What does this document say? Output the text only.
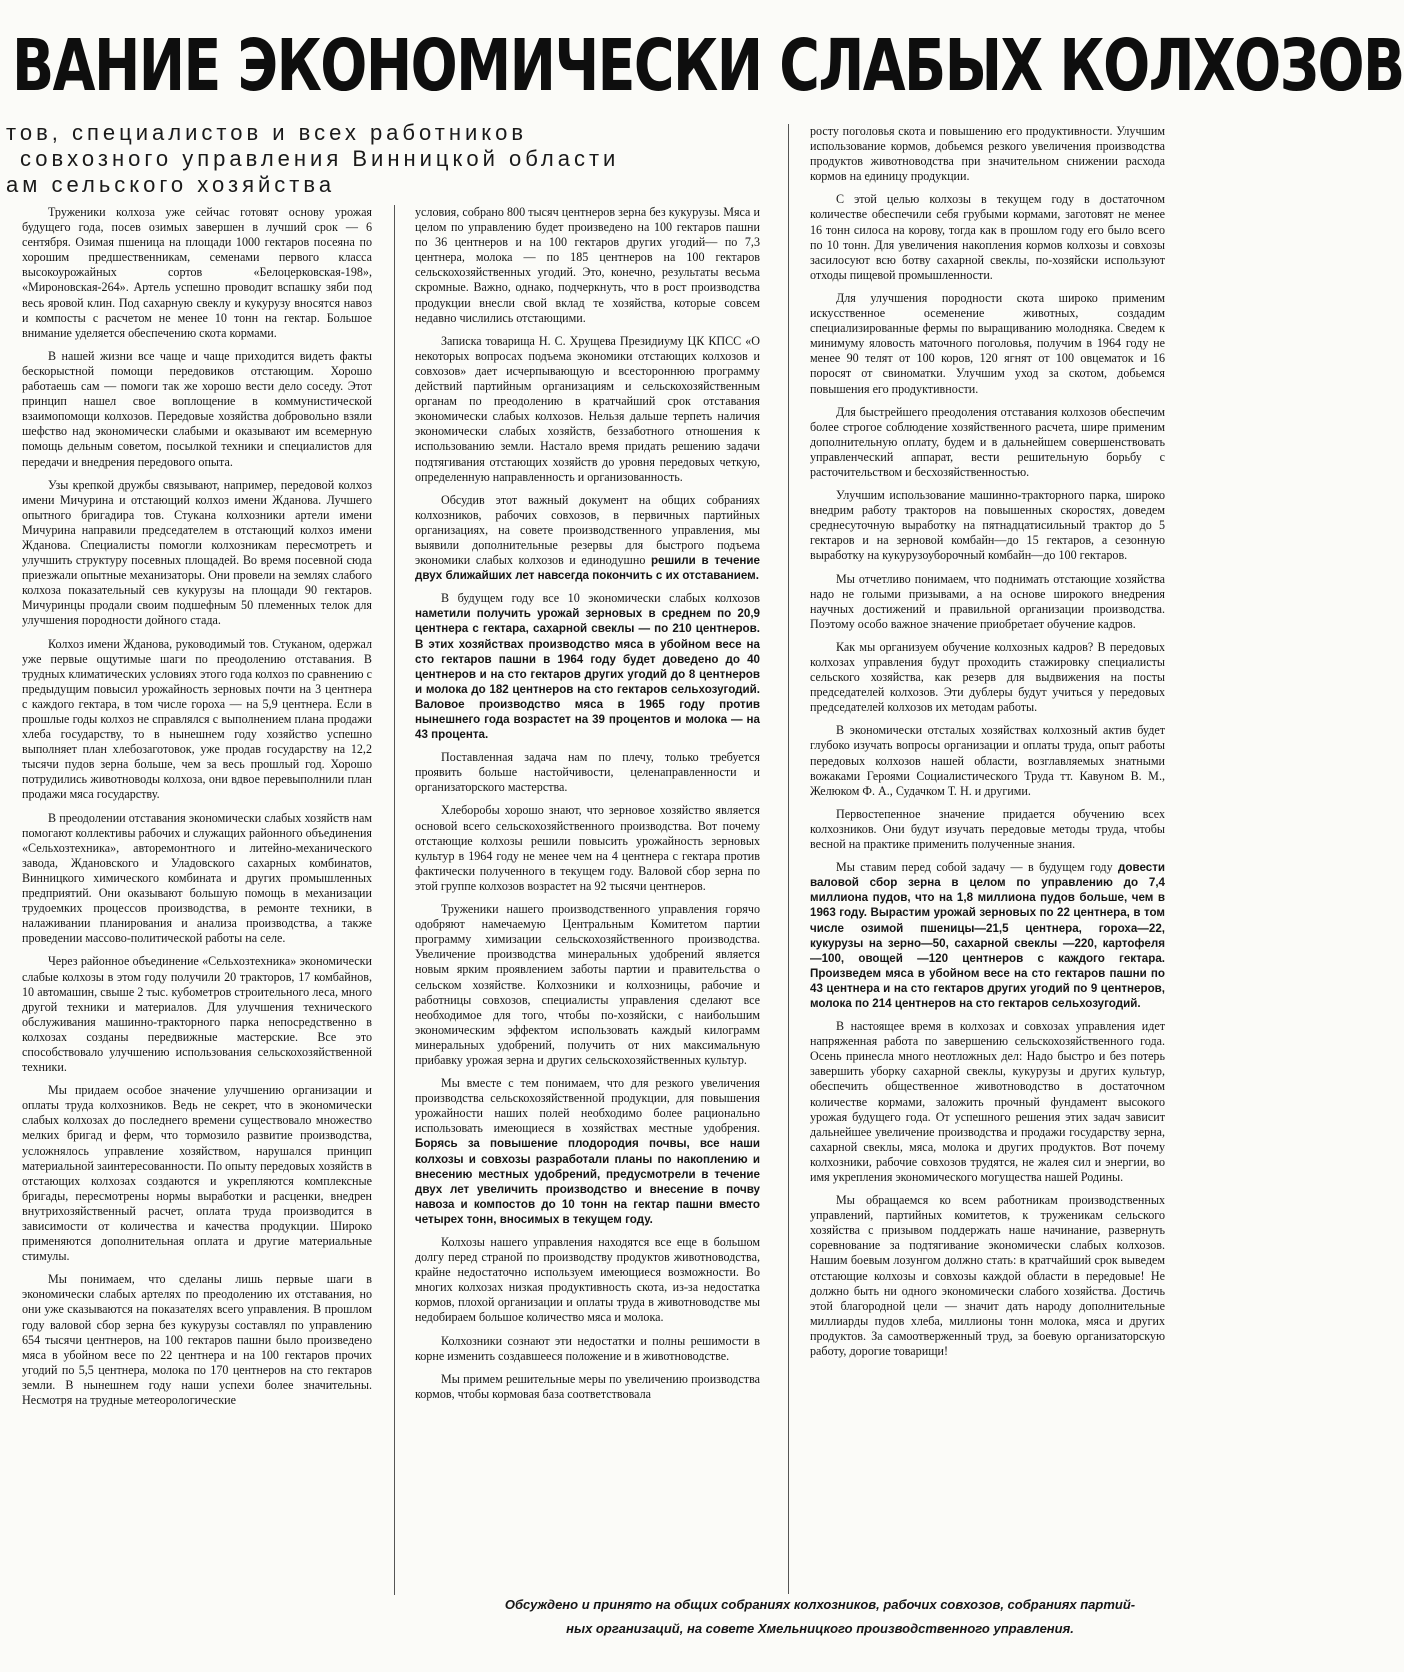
ВАНИЕ ЭКОНОМИЧЕСКИ СЛАБЫХ КОЛХОЗОВ
тов, специалистов и всех работников
совхозного управления Винницкой области
ам сельского хозяйства

Труженики колхоза уже сейчас готовят основу урожая будущего года, посев озимых завершен в лучший срок — 6 сентября. Озимая пшеница на площади 1000 гектаров посеяна по хорошим предшественникам, семенами первого класса высокоурожайных сортов «Белоцерковская-198», «Мироновская-264». Артель успешно проводит вспашку зяби под весь яровой клин. Под сахарную свеклу и кукурузу вносятся навоз и компосты с расчетом не менее 10 тонн на гектар. Большое внимание уделяется обеспечению скота кормами.

В нашей жизни все чаще и чаще приходится видеть факты бескорыстной помощи передовиков отстающим. Хорошо работаешь сам — помоги так же хорошо вести дело соседу. Этот принцип нашел свое воплощение в коммунистической взаимопомощи колхозов. Передовые хозяйства добровольно взяли шефство над экономически слабыми и оказывают им всемерную помощь дельным советом, посылкой техники и специалистов для передачи и внедрения передового опыта.

Узы крепкой дружбы связывают, например, передовой колхоз имени Мичурина и отстающий колхоз имени Жданова. Лучшего опытного бригадира тов. Стукана колхозники артели имени Мичурина направили председателем в отстающий колхоз имени Жданова. Специалисты помогли колхозникам пересмотреть и улучшить структуру посевных площадей. Во время посевной сюда приезжали опытные механизаторы. Они провели на землях слабого колхоза показательный сев кукурузы на площади 90 гектаров. Мичуринцы продали своим подшефным 50 племенных телок для улучшения породности дойного стада.

Колхоз имени Жданова, руководимый тов. Стуканом, одержал уже первые ощутимые шаги по преодолению отставания. В трудных климатических условиях этого года колхоз по сравнению с предыдущим повысил урожайность зерновых почти на 3 центнера с каждого гектара, в том числе гороха — на 5,9 центнера. Если в прошлые годы колхоз не справлялся с выполнением плана продажи хлеба государству, то в нынешнем году хозяйство успешно выполняет план хлебозаготовок, уже продав государству на 12,2 тысячи пудов зерна больше, чем за весь прошлый год. Хорошо потрудились животноводы колхоза, они вдвое перевыполнили план продажи мяса государству.

В преодолении отставания экономически слабых хозяйств нам помогают коллективы рабочих и служащих районного объединения «Сельхозтехника», авторемонтного и литейно-механического завода, Ждановского и Уладовского сахарных комбинатов, Винницкого химического комбината и других промышленных предприятий. Они оказывают большую помощь в механизации трудоемких процессов производства, в ремонте техники, в налаживании планирования и анализа производства, а также проведении массово-политической работы на селе.

Через районное объединение «Сельхозтехника» экономически слабые колхозы в этом году получили 20 тракторов, 17 комбайнов, 10 автомашин, свыше 2 тыс. кубометров строительного леса, много другой техники и материалов. Для улучшения технического обслуживания машинно-тракторного парка непосредственно в колхозах созданы передвижные мастерские. Все это способствовало улучшению использования сельскохозяйственной техники.

Мы придаем особое значение улучшению организации и оплаты труда колхозников. Ведь не секрет, что в экономически слабых колхозах до последнего времени существовало множество мелких бригад и ферм, что тормозило развитие производства, усложнялось управление хозяйством, нарушался принцип материальной заинтересованности. По опыту передовых хозяйств в отстающих колхозах создаются и укрепляются комплексные бригады, пересмотрены нормы выработки и расценки, внедрен внутрихозяйственный расчет, оплата труда производится в зависимости от количества и качества продукции. Широко применяются дополнительная оплата и другие материальные стимулы.

Мы понимаем, что сделаны лишь первые шаги в экономически слабых артелях по преодолению их отставания, но они уже сказываются на показателях всего управления. В прошлом году валовой сбор зерна без кукурузы составлял по управлению 654 тысячи центнеров, на 100 гектаров пашни было произведено мяса в убойном весе по 22 центнера и на 100 гектаров прочих угодий по 5,5 центнера, молока по 170 центнеров на сто гектаров земли. В нынешнем году наши успехи более значительны. Несмотря на трудные метеорологические

условия, собрано 800 тысяч центнеров зерна без кукурузы. Мяса и целом по управлению будет произведено на 100 гектаров пашни по 36 центнеров и на 100 гектаров других угодий— по 7,3 центнера, молока — по 185 центнеров на 100 гектаров сельскохозяйственных угодий. Это, конечно, результаты весьма скромные. Важно, однако, подчеркнуть, что в рост производства продукции внесли свой вклад те хозяйства, которые совсем недавно числились отстающими.

Записка товарища Н. С. Хрущева Президиуму ЦК КПСС «О некоторых вопросах подъема экономики отстающих колхозов и совхозов» дает исчерпывающую и всестороннюю программу действий партийным организациям и сельскохозяйственным органам по преодолению в кратчайший срок отставания экономически слабых колхозов. Нельзя дальше терпеть наличия экономически слабых хозяйств, беззаботного отношения к использованию земли. Настало время придать решению задачи подтягивания отстающих хозяйств до уровня передовых четкую, определенную направленность и организованность.

Обсудив этот важный документ на общих собраниях колхозников, рабочих совхозов, в первичных партийных организациях, на совете производственного управления, мы выявили дополнительные резервы для быстрого подъема экономики слабых колхозов и единодушно решили в течение двух ближайших лет навсегда покончить с их отставанием.

В будущем году все 10 экономически слабых колхозов наметили получить урожай зерновых в среднем по 20,9 центнера с гектара, сахарной свеклы — по 210 центнеров. В этих хозяйствах производство мяса в убойном весе на сто гектаров пашни в 1964 году будет доведено до 40 центнеров и на сто гектаров других угодий до 8 центнеров и молока до 182 центнеров на сто гектаров сельхозугодий. Валовое производство мяса в 1965 году против нынешнего года возрастет на 39 процентов и молока — на 43 процента.

Поставленная задача нам по плечу, только требуется проявить больше настойчивости, целенаправленности и организаторского мастерства.

Хлеборобы хорошо знают, что зерновое хозяйство является основой всего сельскохозяйственного производства. Вот почему отстающие колхозы решили повысить урожайность зерновых культур в 1964 году не менее чем на 4 центнера с гектара против фактически полученного в текущем году. Валовой сбор зерна по этой группе колхозов возрастет на 92 тысячи центнеров.

Труженики нашего производственного управления горячо одобряют намечаемую Центральным Комитетом партии программу химизации сельскохозяйственного производства. Увеличение производства минеральных удобрений является новым ярким проявлением заботы партии и правительства о сельском хозяйстве. Колхозники и колхозницы, рабочие и работницы совхозов, специалисты управления сделают все необходимое для того, чтобы по-хозяйски, с наибольшим экономическим эффектом использовать каждый килограмм минеральных удобрений, получить от них максимальную прибавку урожая зерна и других сельскохозяйственных культур.

Мы вместе с тем понимаем, что для резкого увеличения производства сельскохозяйственной продукции, для повышения урожайности наших полей необходимо более рационально использовать имеющиеся в хозяйствах местные удобрения. Борясь за повышение плодородия почвы, все наши колхозы и совхозы разработали планы по накоплению и внесению местных удобрений, предусмотрели в течение двух лет увеличить производство и внесение в почву навоза и компостов до 10 тонн на гектар пашни вместо четырех тонн, вносимых в текущем году.

Колхозы нашего управления находятся все еще в большом долгу перед страной по производству продуктов животноводства, крайне недостаточно используем имеющиеся возможности. Во многих колхозах низкая продуктивность скота, из-за недостатка кормов, плохой организации и оплаты труда в животноводстве мы недобираем большое количество мяса и молока.

Колхозники сознают эти недостатки и полны решимости в корне изменить создавшееся положение и в животноводстве.

Мы примем решительные меры по увеличению производства кормов, чтобы кормовая база соответствовала

росту поголовья скота и повышению его продуктивности. Улучшим использование кормов, добьемся резкого увеличения производства продуктов животноводства при значительном снижении расхода кормов на единицу продукции.

С этой целью колхозы в текущем году в достаточном количестве обеспечили себя грубыми кормами, заготовят не менее 16 тонн силоса на корову, тогда как в прошлом году его было всего по 10 тонн. Для увеличения накопления кормов колхозы и совхозы засилосуют всю ботву сахарной свеклы, по-хозяйски используют отходы пищевой промышленности.

Для улучшения породности скота широко применим искусственное осеменение животных, создадим специализированные фермы по выращиванию молодняка. Сведем к минимуму яловость маточного поголовья, получим в 1964 году не менее 90 телят от 100 коров, 120 ягнят от 100 овцематок и 16 поросят от свиноматки. Улучшим уход за скотом, добьемся повышения его продуктивности.

Для быстрейшего преодоления отставания колхозов обеспечим более строгое соблюдение хозяйственного расчета, шире применим дополнительную оплату, будем и в дальнейшем совершенствовать управленческий аппарат, вести решительную борьбу с расточительством и бесхозяйственностью.

Улучшим использование машинно-тракторного парка, широко внедрим работу тракторов на повышенных скоростях, доведем среднесуточную выработку на пятнадцатисильный трактор до 5 гектаров и на зерновой комбайн—до 15 гектаров, а сезонную выработку на кукурузоуборочный комбайн—до 100 гектаров.

Мы отчетливо понимаем, что поднимать отстающие хозяйства надо не голыми призывами, а на основе широкого внедрения научных достижений и правильной организации производства. Поэтому особо важное значение приобретает обучение кадров.

Как мы организуем обучение колхозных кадров? В передовых колхозах управления будут проходить стажировку специалисты сельского хозяйства, как резерв для выдвижения на посты председателей колхозов. Эти дублеры будут учиться у передовых председателей колхозов их методам работы.

В экономически отсталых хозяйствах колхозный актив будет глубоко изучать вопросы организации и оплаты труда, опыт работы передовых колхозов нашей области, возглавляемых знатными вожаками Героями Социалистического Труда тт. Кавуном В. М., Желюком Ф. А., Судачком Т. Н. и другими.

Первостепенное значение придается обучению всех колхозников. Они будут изучать передовые методы труда, чтобы весной на практике применить полученные знания.

Мы ставим перед собой задачу — в будущем году довести валовой сбор зерна в целом по управлению до 7,4 миллиона пудов, что на 1,8 миллиона пудов больше, чем в 1963 году. Вырастим урожай зерновых по 22 центнера, в том числе озимой пшеницы—21,5 центнера, гороха—22, кукурузы на зерно—50, сахарной свеклы —220, картофеля —100, овощей —120 центнеров с каждого гектара. Произведем мяса в убойном весе на сто гектаров пашни по 43 центнера и на сто гектаров других угодий по 9 центнеров, молока по 214 центнеров на сто гектаров сельхозугодий.

В настоящее время в колхозах и совхозах управления идет напряженная работа по завершению сельскохозяйственного года. Осень принесла много неотложных дел: Надо быстро и без потерь завершить уборку сахарной свеклы, кукурузы и других культур, обеспечить общественное животноводство в достаточном количестве кормами, заложить прочный фундамент высокого урожая будущего года. От успешного решения этих задач зависит дальнейшее увеличение производства и продажи государству зерна, сахарной свеклы, мяса, молока и других продуктов. Вот почему колхозники, рабочие совхозов трудятся, не жалея сил и энергии, во имя укрепления экономического могущества нашей Родины.

Мы обращаемся ко всем работникам производственных управлений, партийных комитетов, к труженикам сельского хозяйства с призывом поддержать наше начинание, развернуть соревнование за подтягивание экономически слабых колхозов. Нашим боевым лозунгом должно стать: в кратчайший срок выведем отстающие колхозы и совхозы каждой области в передовые! Не должно быть ни одного экономически слабого хозяйства. Достичь этой благородной цели — значит дать народу дополнительные миллиарды пудов хлеба, миллионы тонн молока, мяса и других продуктов. За самоотверженный труд, за боевую организаторскую работу, дорогие товарищи!

Обсуждено и принято на общих собраниях колхозников, рабочих совхозов, собраниях партий-
ных организаций, на совете Хмельницкого производственного управления.
